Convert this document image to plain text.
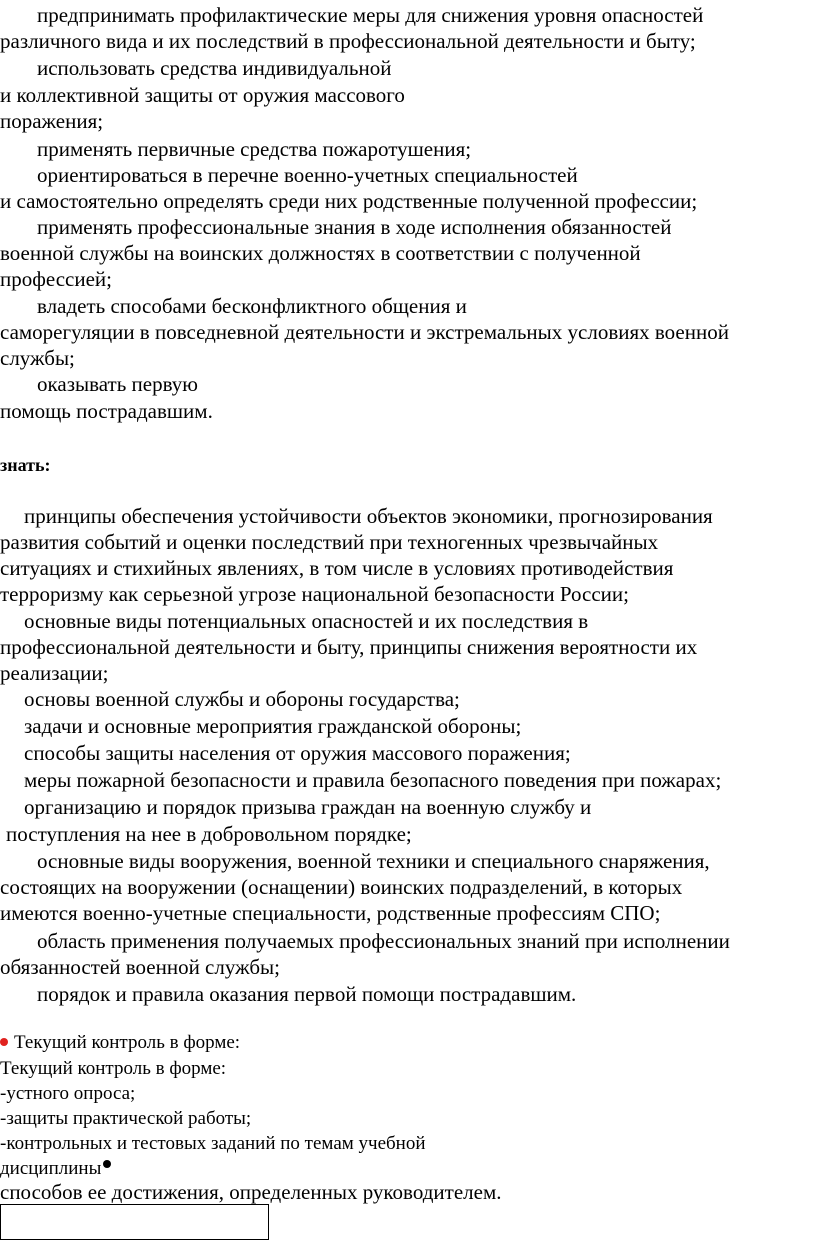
предпринимать профилактические меры для снижения уровня опасностей
различного вида и их последствий в профессиональной деятельности и быту;
использовать средства индивидуальной
и коллективной защиты от оружия массового
поражения;
применять первичные средства пожаротушения;
ориентироваться в перечне военно-учетных специальностей
и самостоятельно определять среди них родственные полученной профессии;
применять профессиональные знания в ходе исполнения обязанностей
военной службы на воинских должностях в соответствии с полученной
профессией;
владеть способами бесконфликтного общения и
саморегуляции в повседневной деятельности и экстремальных условиях военной
службы;
оказывать первую
помощь пострадавшим.
знать:
принципы обеспечения устойчивости объектов экономики, прогнозирования
развития событий и оценки последствий при техногенных чрезвычайных
ситуациях и стихийных явлениях, в том числе в условиях противодействия
терроризму как серьезной угрозе национальной безопасности России;
основные виды потенциальных опасностей и их последствия в
профессиональной деятельности и быту, принципы снижения вероятности их
реализации;
основы военной службы и обороны государства;
задачи и основные мероприятия гражданской обороны;
способы защиты населения от оружия массового поражения;
меры пожарной безопасности и правила безопасного поведения при пожарах;
организацию и порядок призыва граждан на военную службу и
поступления на нее в добровольном порядке;
основные виды вооружения, военной техники и специального снаряжения,
состоящих на вооружении (оснащении) воинских подразделений, в которых
имеются военно-учетные специальности, родственные профессиям СПО;
область применения получаемых профессиональных знаний при исполнении
обязанностей военной службы;
порядок и правила оказания первой помощи пострадавшим.
Текущий контроль в форме:
Текущий контроль в форме:
-устного опроса;
-защиты практической работы;
-контрольных и тестовых заданий по темам учебной
дисциплины
способов ее достижения, определенных руководителем.
